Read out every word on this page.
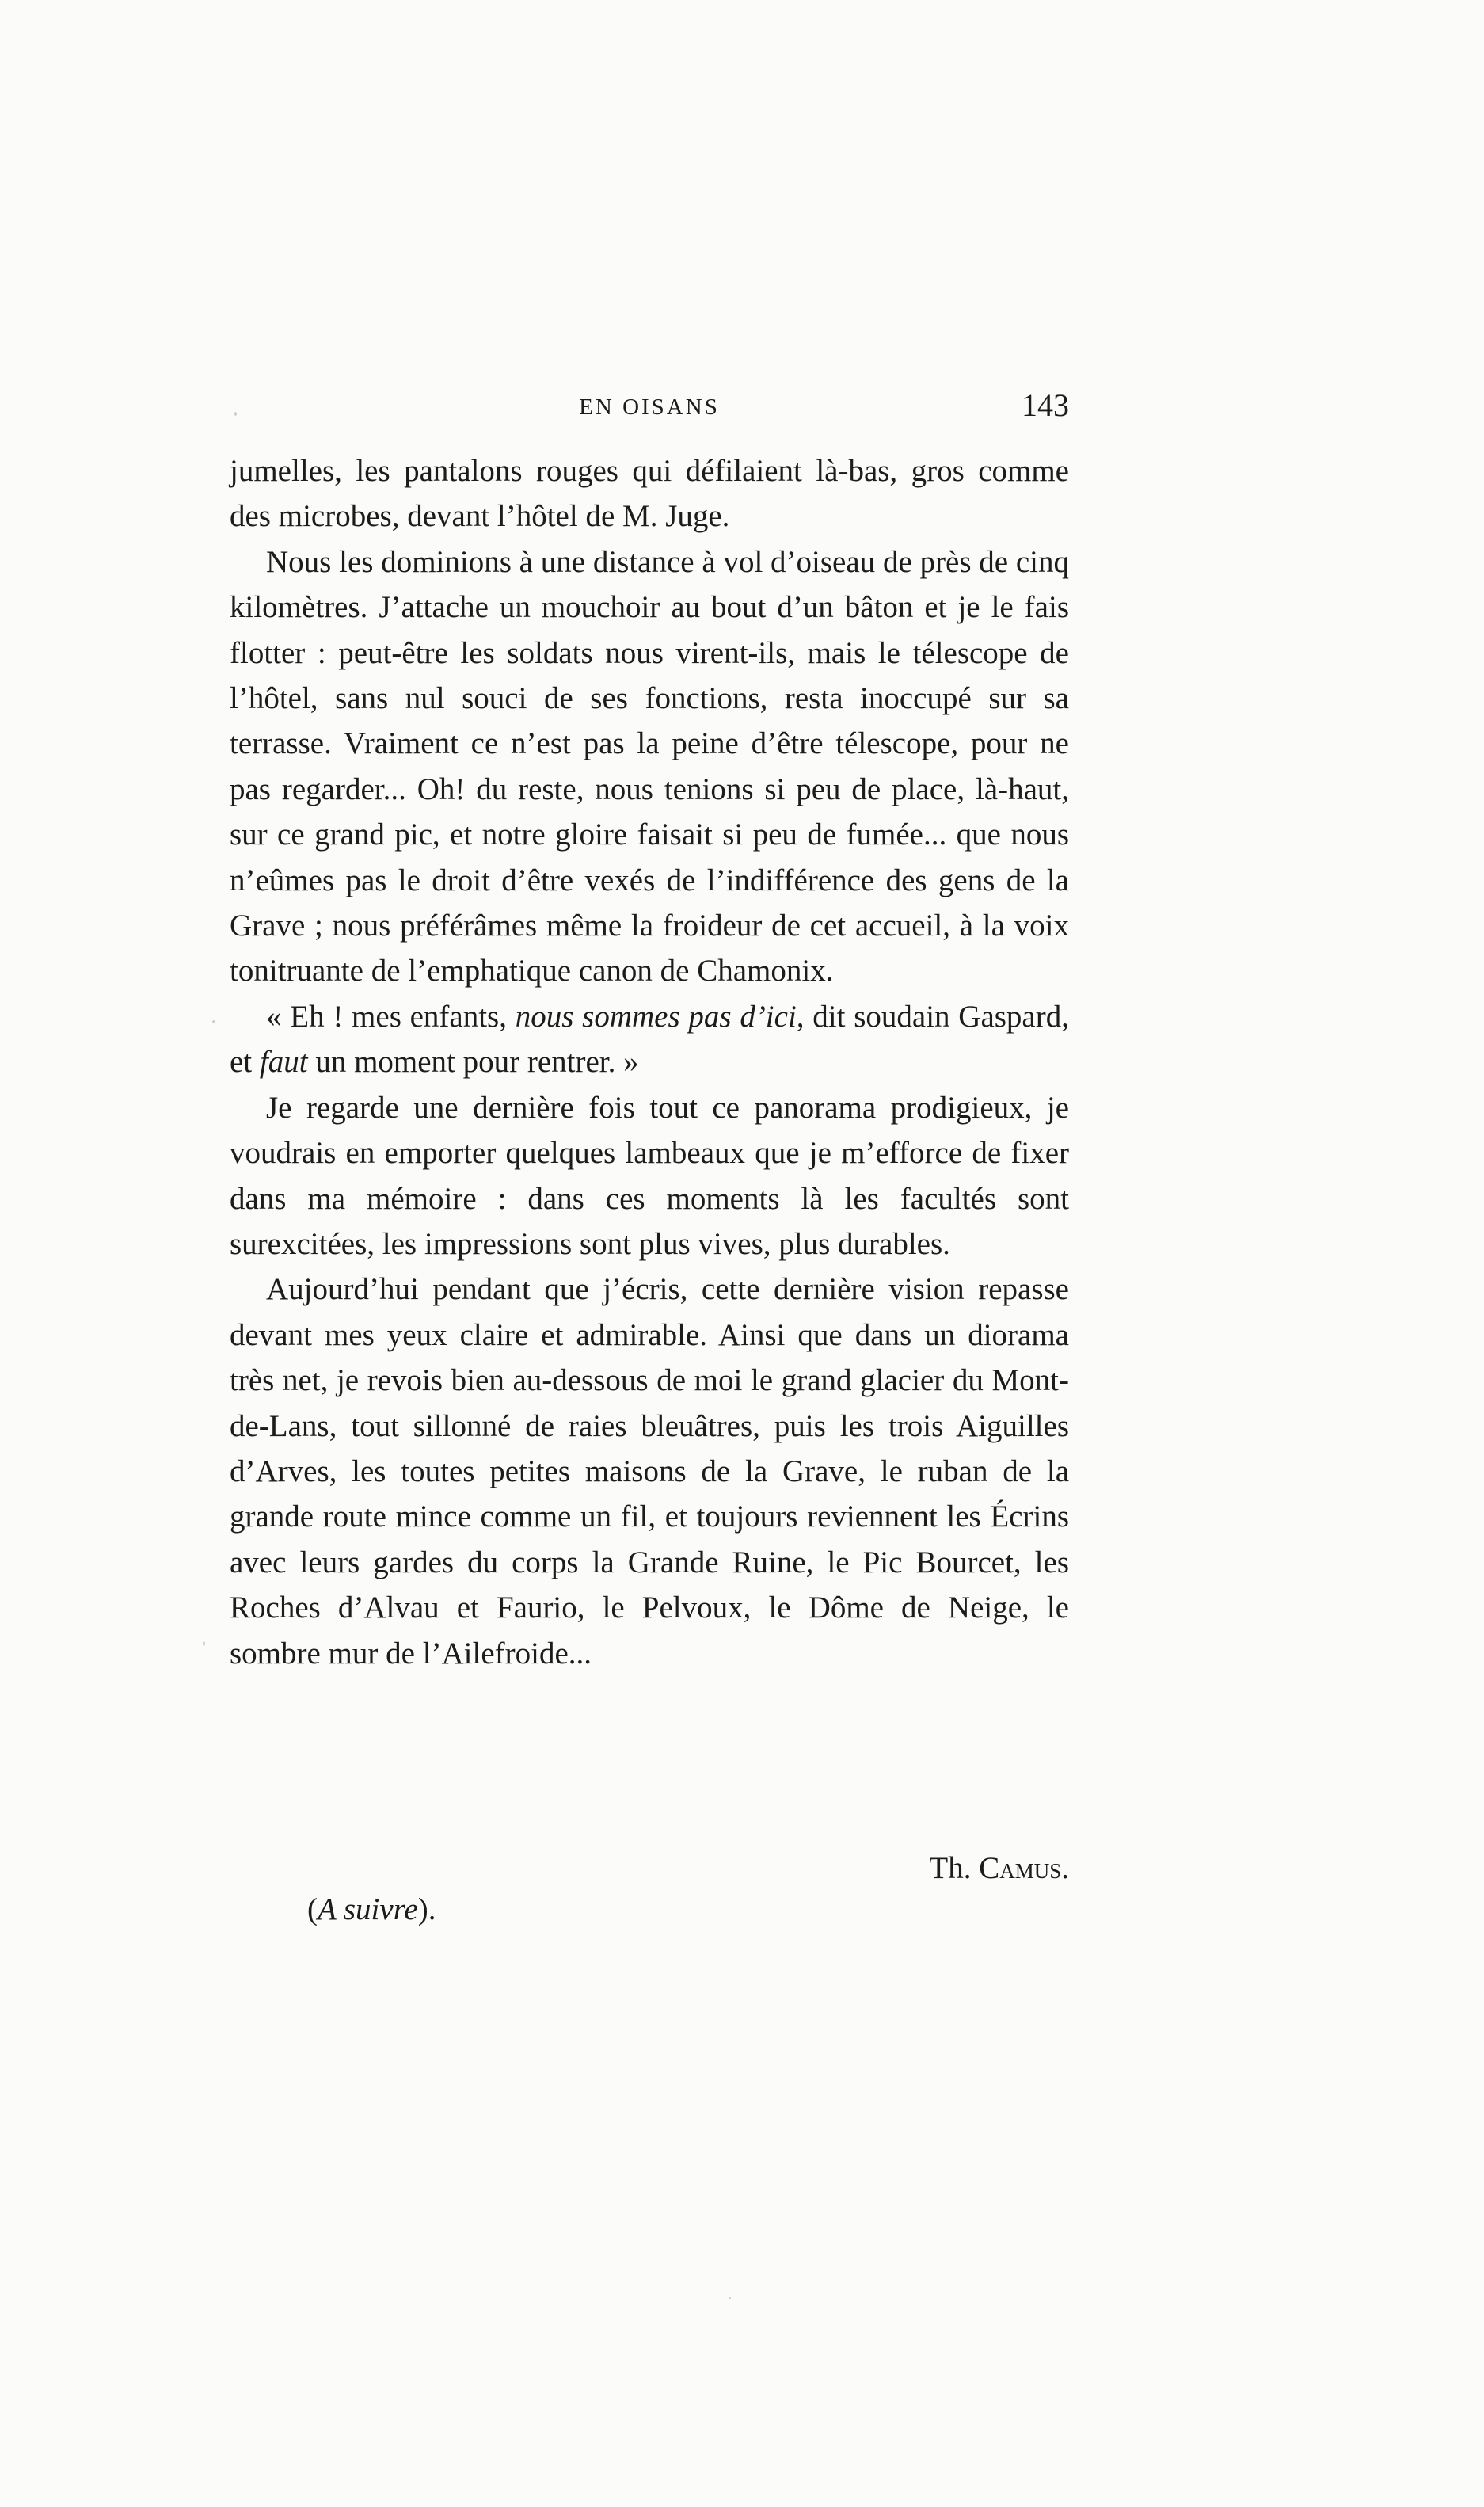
EN OISANS	143

jumelles, les pantalons rouges qui défilaient là-bas, gros comme des microbes, devant l’hôtel de M. Juge.

Nous les dominions à une distance à vol d’oiseau de près de cinq kilomètres. J’attache un mouchoir au bout d’un bâton et je le fais flotter : peut-être les soldats nous virent-ils, mais le télescope de l’hôtel, sans nul souci de ses fonctions, resta inoccupé sur sa terrasse. Vraiment ce n’est pas la peine d’être télescope, pour ne pas regarder... Oh! du reste, nous tenions si peu de place, là-haut, sur ce grand pic, et notre gloire faisait si peu de fumée... que nous n’eûmes pas le droit d’être vexés de l’indifférence des gens de la Grave ; nous préférâmes même la froideur de cet accueil, à la voix tonitruante de l’emphatique canon de Chamonix.

« Eh ! mes enfants, nous sommes pas d’ici, dit soudain Gaspard, et faut un moment pour rentrer. »

Je regarde une dernière fois tout ce panorama prodigieux, je voudrais en emporter quelques lambeaux que je m’efforce de fixer dans ma mémoire : dans ces moments là les facultés sont surexcitées, les impressions sont plus vives, plus durables.

Aujourd’hui pendant que j’écris, cette dernière vision repasse devant mes yeux claire et admirable. Ainsi que dans un diorama très net, je revois bien au-dessous de moi le grand glacier du Mont-de-Lans, tout sillonné de raies bleuâtres, puis les trois Aiguilles d’Arves, les toutes petites maisons de la Grave, le ruban de la grande route mince comme un fil, et toujours reviennent les Écrins avec leurs gardes du corps la Grande Ruine, le Pic Bourcet, les Roches d’Alvau et Faurio, le Pelvoux, le Dôme de Neige, le sombre mur de l’Ailefroide...

Th. Camus.
(A suivre).
